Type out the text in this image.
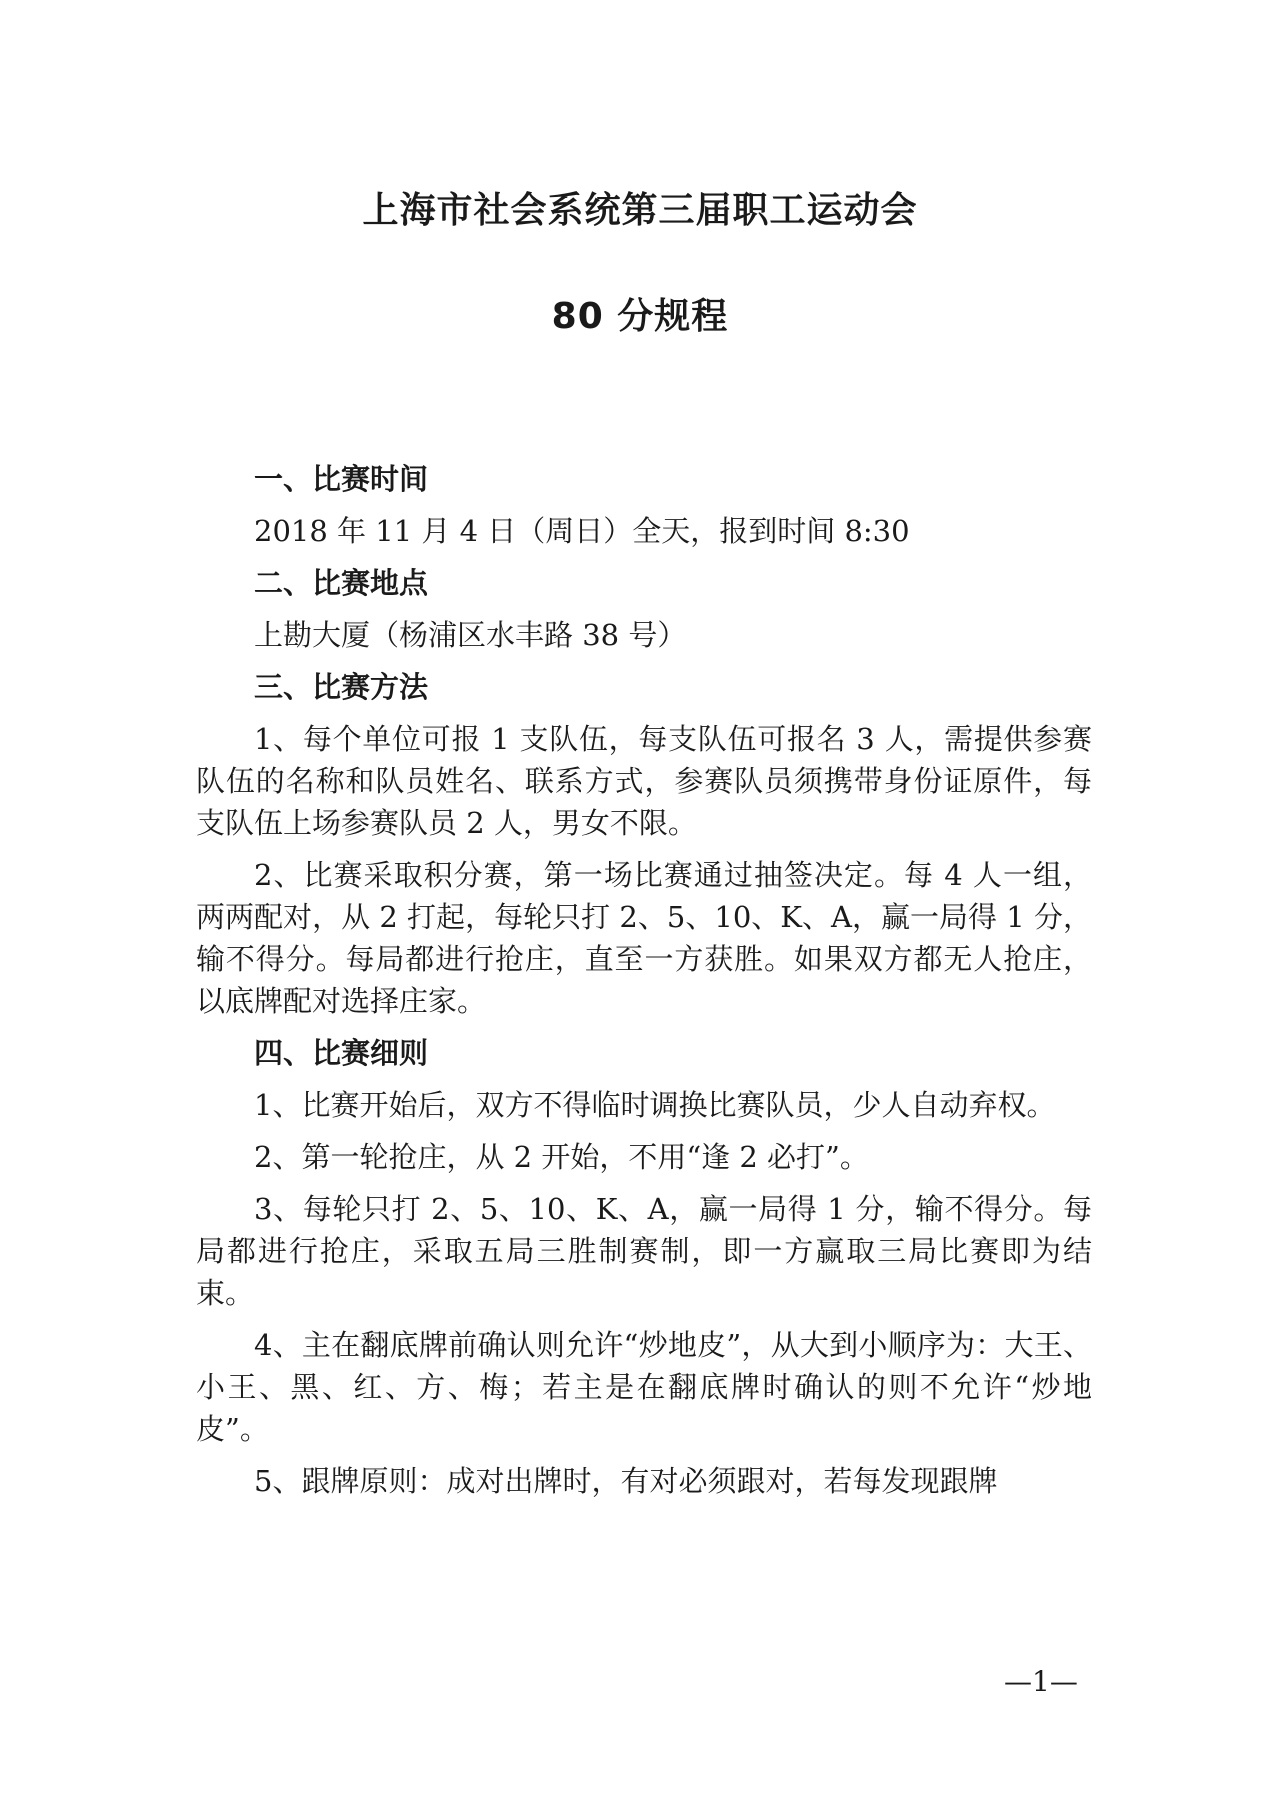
上海市社会系统第三届职工运动会
80 分规程

一、比赛时间

2018 年 11 月 4 日（周日）全天，报到时间 8:30

二、比赛地点

上勘大厦（杨浦区水丰路 38 号）

三、比赛方法

1、每个单位可报 1 支队伍，每支队伍可报名 3 人，需提供参赛队伍的名称和队员姓名、联系方式，参赛队员须携带身份证原件，每支队伍上场参赛队员 2 人，男女不限。

2、比赛采取积分赛，第一场比赛通过抽签决定。每 4 人一组，两两配对，从 2 打起，每轮只打 2、5、10、K、A，赢一局得 1 分，输不得分。每局都进行抢庄，直至一方获胜。如果双方都无人抢庄，以底牌配对选择庄家。

四、比赛细则

1、比赛开始后，双方不得临时调换比赛队员，少人自动弃权。

2、第一轮抢庄，从 2 开始，不用“逢 2 必打”。

3、每轮只打 2、5、10、K、A，赢一局得 1 分，输不得分。每局都进行抢庄，采取五局三胜制赛制，即一方赢取三局比赛即为结束。

4、主在翻底牌前确认则允许“炒地皮”，从大到小顺序为：大王、小王、黑、红、方、梅；若主是在翻底牌时确认的则不允许“炒地皮”。

5、跟牌原则：成对出牌时，有对必须跟对，若每发现跟牌

—1—
